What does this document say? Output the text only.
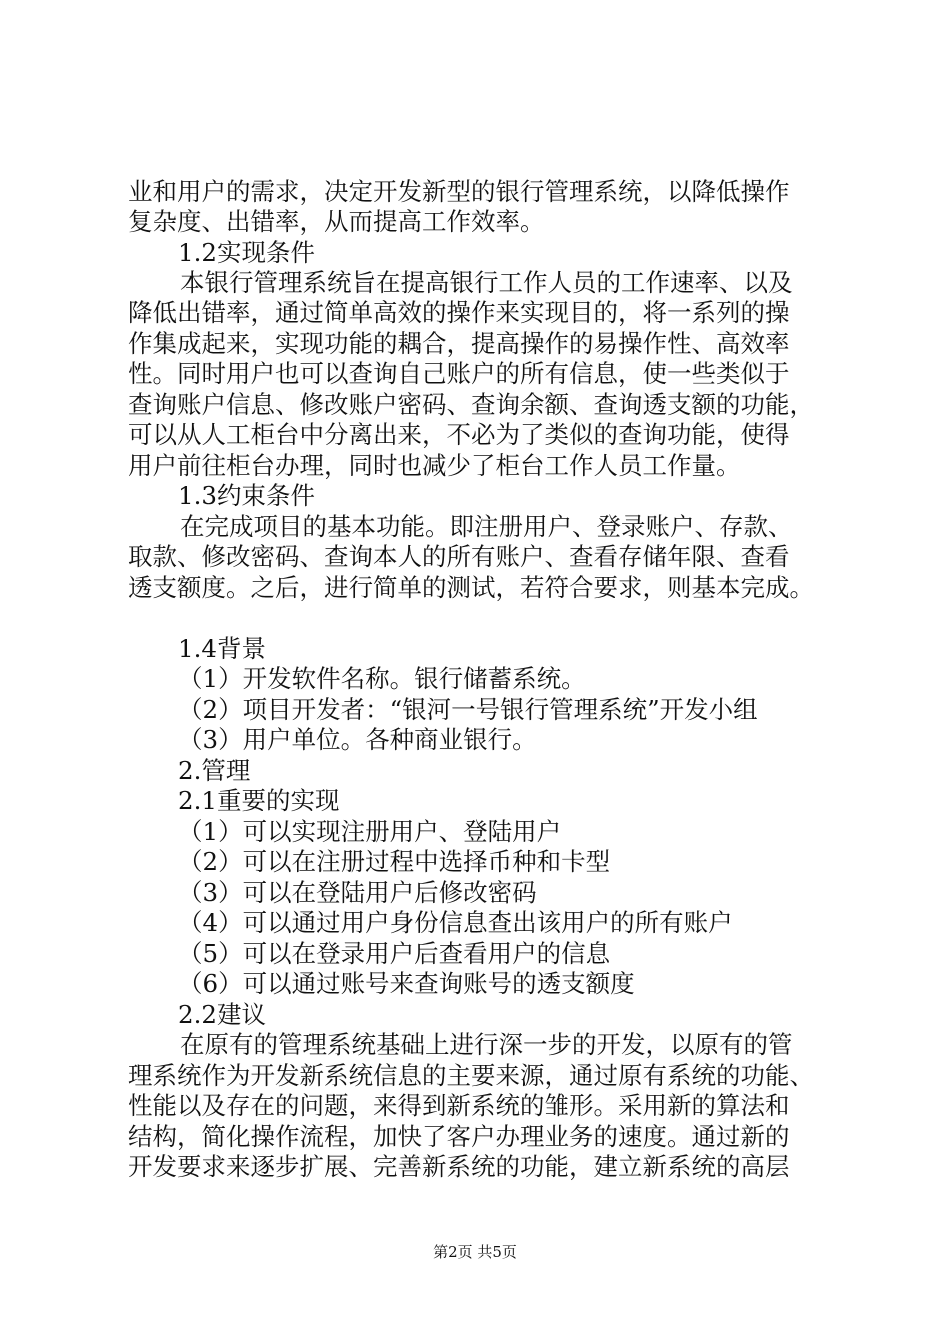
业和用户的需求，决定开发新型的银行管理系统，以降低操作
复杂度、出错率，从而提高工作效率。
1.2实现条件
本银行管理系统旨在提高银行工作人员的工作速率、以及
降低出错率，通过简单高效的操作来实现目的，将一系列的操
作集成起来，实现功能的耦合，提高操作的易操作性、高效率
性。同时用户也可以查询自己账户的所有信息，使一些类似于
查询账户信息、修改账户密码、查询余额、查询透支额的功能，
可以从人工柜台中分离出来，不必为了类似的查询功能，使得
用户前往柜台办理，同时也减少了柜台工作人员工作量。
1.3约束条件
在完成项目的基本功能。即注册用户、登录账户、存款、
取款、修改密码、查询本人的所有账户、查看存储年限、查看
透支额度。之后，进行简单的测试，若符合要求，则基本完成。
1.4背景
（1）开发软件名称。银行储蓄系统。
（2）项目开发者：“银河一号银行管理系统”开发小组
（3）用户单位。各种商业银行。
2.管理
2.1重要的实现
（1）可以实现注册用户、登陆用户
（2）可以在注册过程中选择币种和卡型
（3）可以在登陆用户后修改密码
（4）可以通过用户身份信息查出该用户的所有账户
（5）可以在登录用户后查看用户的信息
（6）可以通过账号来查询账号的透支额度
2.2建议
在原有的管理系统基础上进行深一步的开发，以原有的管
理系统作为开发新系统信息的主要来源，通过原有系统的功能、
性能以及存在的问题，来得到新系统的雏形。采用新的算法和
结构，简化操作流程，加快了客户办理业务的速度。通过新的
开发要求来逐步扩展、完善新系统的功能，建立新系统的高层
第2页 共5页
